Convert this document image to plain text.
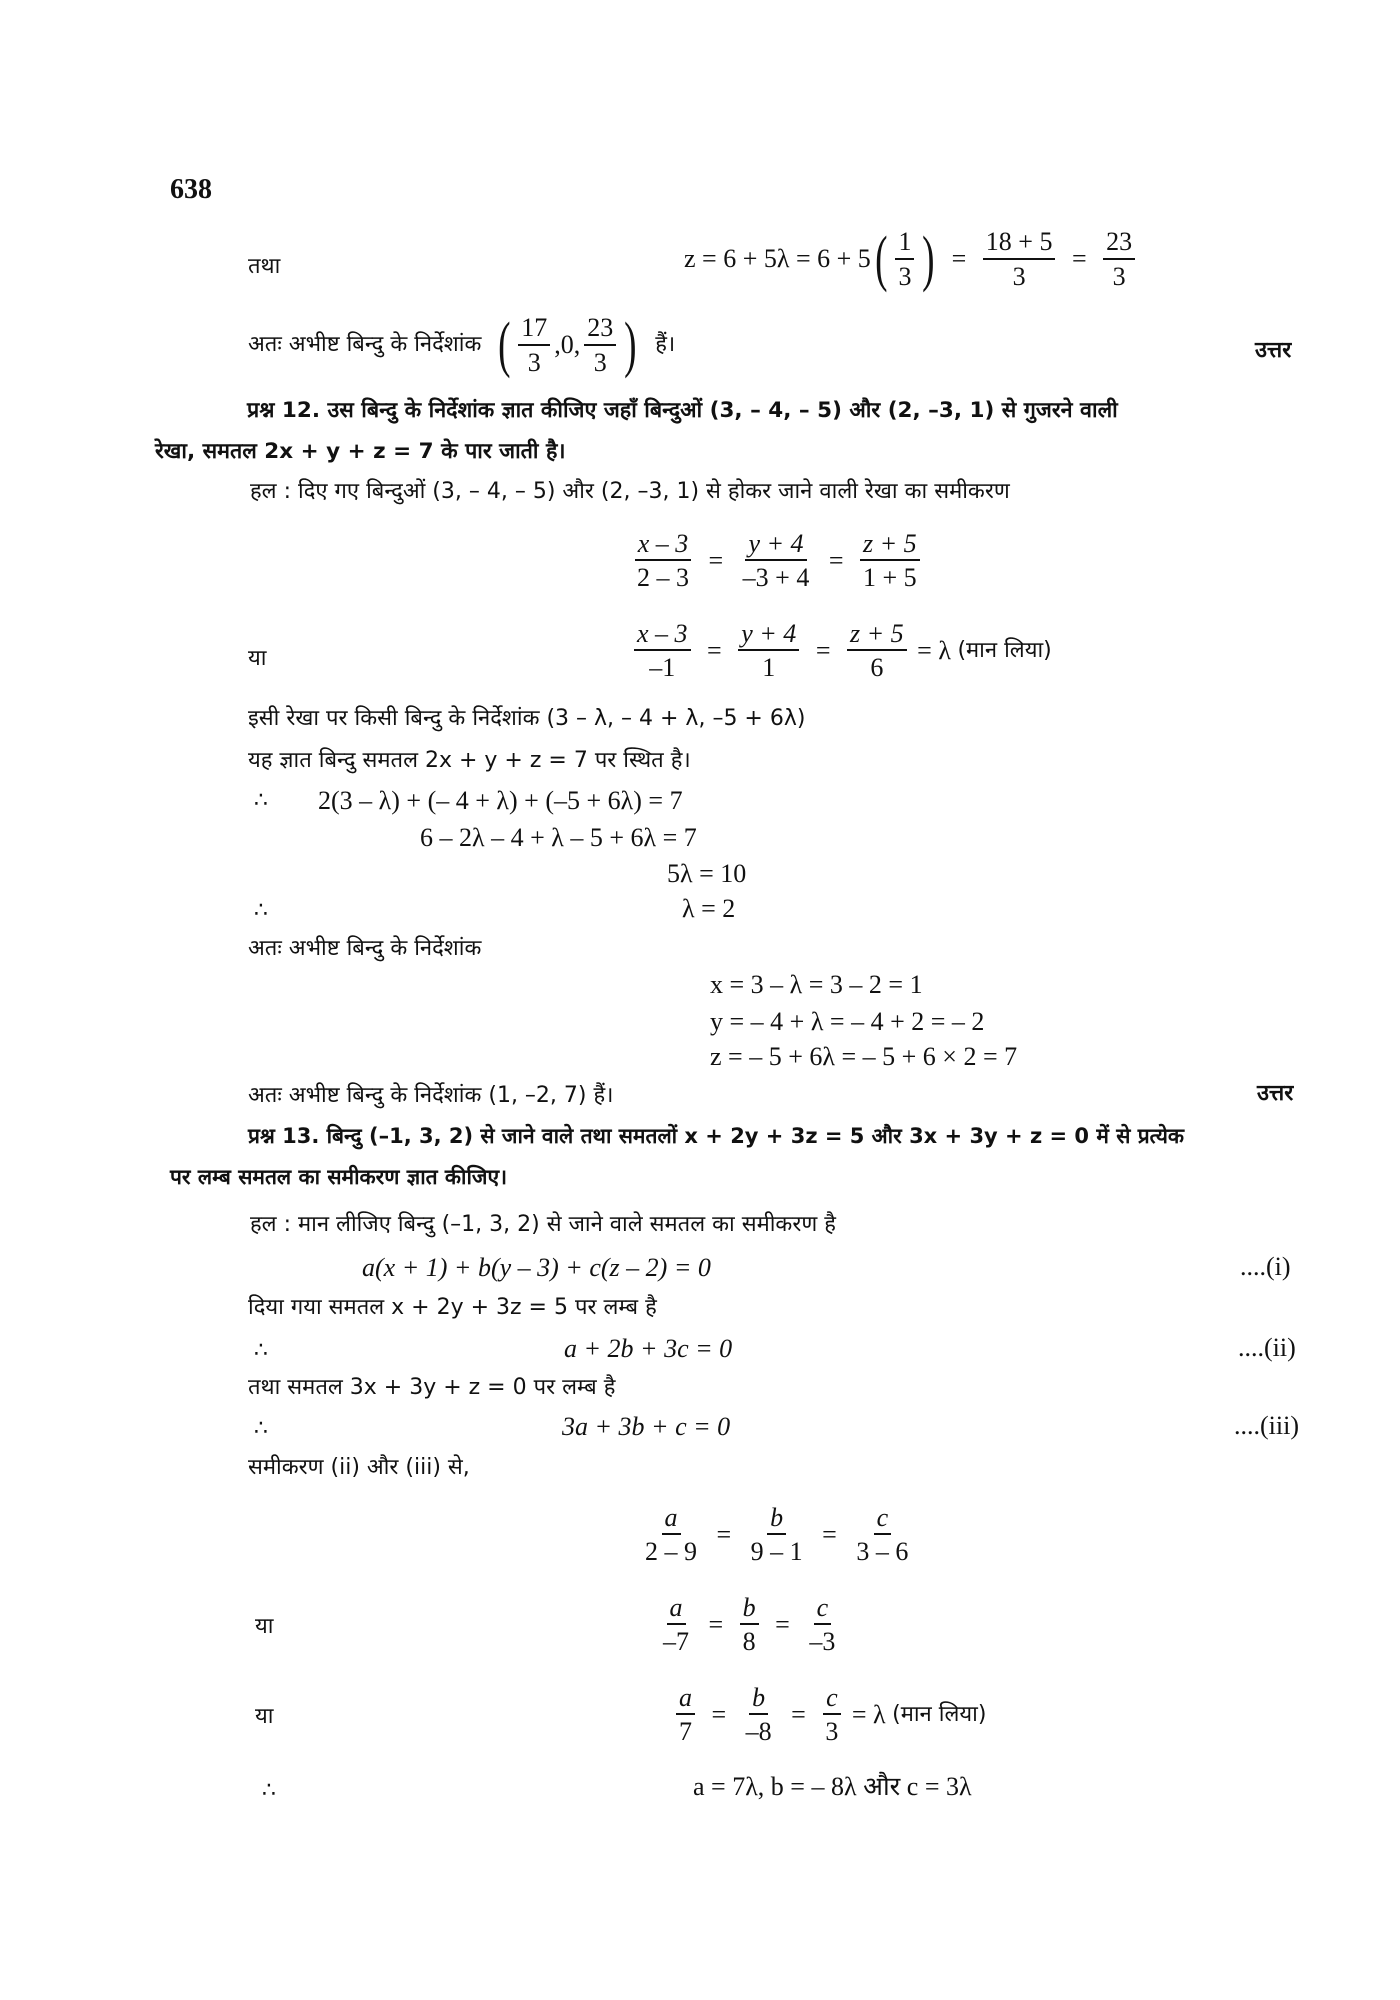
638
तथा	$z = 6 + 5\lambda = 6 + 5( \frac{1}{3}$ ) = $\frac{18 + 5}{3} = \frac{23}{3}$
अतः अभीष्ट बिन्दु के निर्देशांक ( $\frac{17}{3} ,0$, $\frac{23}{3}$ ) हैं।	उत्तर
प्रश्न 12. उस बिन्दु के निर्देशांक ज्ञात कीजिए जहाँ बिन्दुओं (3, – 4, – 5) और (2, –3, 1) से गुजरने वाली
रेखा, समतल 2x + y + z = 7 के पार जाती है।
हल : दिए गए बिन्दुओं (3, – 4, – 5) और (2, –3, 1) से होकर जाने वाली रेखा का समीकरण
$\frac{x - 3}{2 - 3} = \frac{y + 4}{-3 + 4} = \frac{z + 5}{1 + 5}$
या	$\frac{x - 3}{-1} = \frac{y + 4}{1} = \frac{z + 5}{6} = \lambda$ (मान लिया)
इसी रेखा पर किसी बिन्दु के निर्देशांक (3 – λ, – 4 + λ, –5 + 6λ)
यह ज्ञात बिन्दु समतल 2x + y + z = 7 पर स्थित है।
∴ 2(3 – λ) + (– 4 + λ) + (–5 + 6λ) = 7
6 – 2λ – 4 + λ – 5 + 6λ = 7
5λ = 10
∴	λ = 2
अतः अभीष्ट बिन्दु के निर्देशांक
x = 3 – λ = 3 – 2 = 1
y = – 4 + λ = – 4 + 2 = – 2
z = – 5 + 6λ = – 5 + 6 × 2 = 7
अतः अभीष्ट बिन्दु के निर्देशांक (1, –2, 7) हैं।	उत्तर
प्रश्न 13. बिन्दु (–1, 3, 2) से जाने वाले तथा समतलों x + 2y + 3z = 5 और 3x + 3y + z = 0 में से प्रत्येक
पर लम्ब समतल का समीकरण ज्ञात कीजिए।
हल : मान लीजिए बिन्दु (–1, 3, 2) से जाने वाले समतल का समीकरण है
a(x + 1) + b(y – 3) + c(z – 2) = 0	....(i)
दिया गया समतल x + 2y + 3z = 5 पर लम्ब है
∴	a + 2b + 3c = 0	....(ii)
तथा समतल 3x + 3y + z = 0 पर लम्ब है
∴	3a + 3b + c = 0	....(iii)
समीकरण (ii) और (iii) से,
$\frac{a}{2 - 9} = \frac{b}{9 - 1} = \frac{c}{3 - 6}$
या	$\frac{a}{-7} = \frac{b}{8} = \frac{c}{-3}$
या	$\frac{a}{7} = \frac{b}{-8} = \frac{c}{3} = \lambda$ (मान लिया)
∴	a = 7λ, b = – 8λ और c = 3λ
